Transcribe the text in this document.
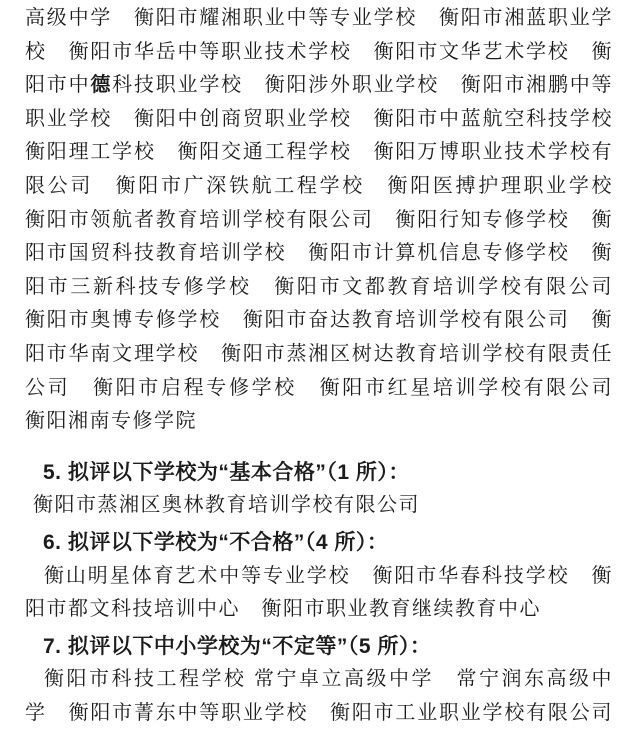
高级中学　衡阳市耀湘职业中等专业学校　衡阳市湘蓝职业学
校　衡阳市华岳中等职业技术学校　衡阳市文华艺术学校　衡
阳市中德科技职业学校　衡阳涉外职业学校　衡阳市湘鹏中等
职业学校　衡阳中创商贸职业学校　衡阳市中蓝航空科技学校
衡阳理工学校　衡阳交通工程学校　衡阳万博职业技术学校有
限公司　衡阳市广深铁航工程学校　衡阳医搏护理职业学校
衡阳市领航者教育培训学校有限公司　衡阳行知专修学校　衡
阳市国贸科技教育培训学校　衡阳市计算机信息专修学校　衡
阳市三新科技专修学校　衡阳市文都教育培训学校有限公司
衡阳市奥博专修学校　衡阳市奋达教育培训学校有限公司　衡
阳市华南文理学校　衡阳市蒸湘区树达教育培训学校有限责任
公司　衡阳市启程专修学校　衡阳市红星培训学校有限公司
衡阳湘南专修学院
5. 拟评以下学校为“基本合格”（1 所）：
衡阳市蒸湘区奥林教育培训学校有限公司
6. 拟评以下学校为“不合格”（4 所）：
衡山明星体育艺术中等专业学校　衡阳市华春科技学校　衡
阳市都文科技培训中心　衡阳市职业教育继续教育中心
7. 拟评以下中小学校为“不定等”（5 所）：
衡阳市科技工程学校 常宁卓立高级中学　常宁润东高级中
学　衡阳市菁东中等职业学校　衡阳市工业职业学校有限公司
